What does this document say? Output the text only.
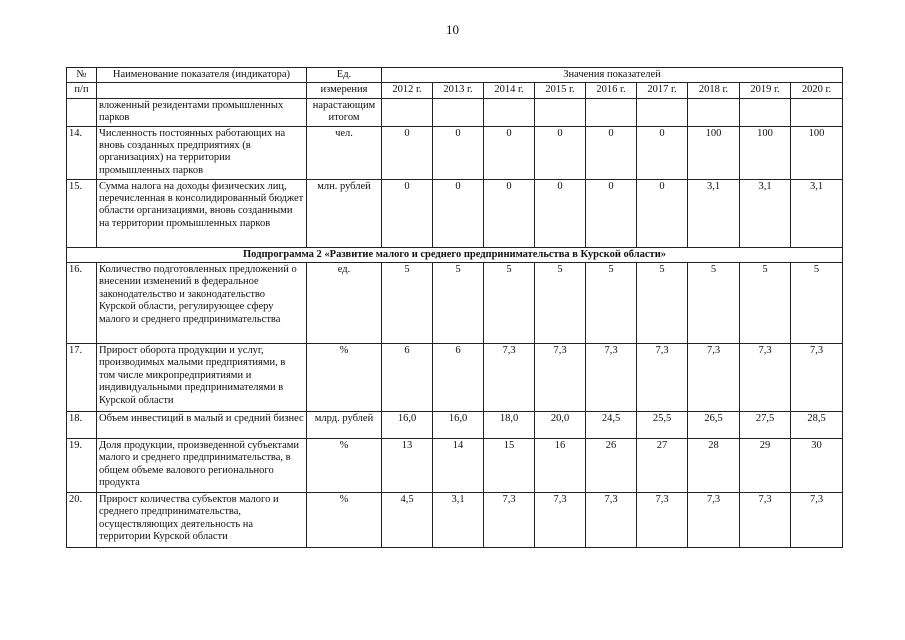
10
№	Наименование показателя (индикатора)	Ед.	Значения показателей								
п/п		измерения	2012 г.	2013 г.	2014 г.	2015 г.	2016 г.	2017 г.	2018 г.	2019 г.	2020 г.
	вложенный резидентами промышленных парков	нарастающим итогом									
14.	Численность постоянных работающих на вновь созданных предприятиях (в организациях) на территории промышленных парков	чел.	0	0	0	0	0	0	100	100	100
15.	Сумма налога на доходы физических лиц, перечисленная в консолидированный бюджет области организациями, вновь созданными на территории промышленных парков	млн. рублей	0	0	0	0	0	0	3,1	3,1	3,1
Подпрограмма 2 «Развитие малого и среднего предпринимательства в Курской области»											
16.	Количество подготовленных предложений о внесении изменений в федеральное законодательство и законодательство Курской области, регулирующее сферу малого и среднего предпринимательства	ед.	5	5	5	5	5	5	5	5	5
17.	Прирост оборота продукции и услуг, производимых малыми предприятиями, в том числе микропредприятиями и индивидуальными предпринимателями в Курской области	%	6	6	7,3	7,3	7,3	7,3	7,3	7,3	7,3
18.	Объем инвестиций в малый и средний бизнес	млрд. рублей	16,0	16,0	18,0	20,0	24,5	25,5	26,5	27,5	28,5
19.	Доля продукции, произведенной субъектами малого и среднего предпринимательства, в общем объеме валового регионального продукта	%	13	14	15	16	26	27	28	29	30
20.	Прирост количества субъектов малого и среднего предпринимательства, осуществляющих деятельность на территории Курской области	%	4,5	3,1	7,3	7,3	7,3	7,3	7,3	7,3	7,3
